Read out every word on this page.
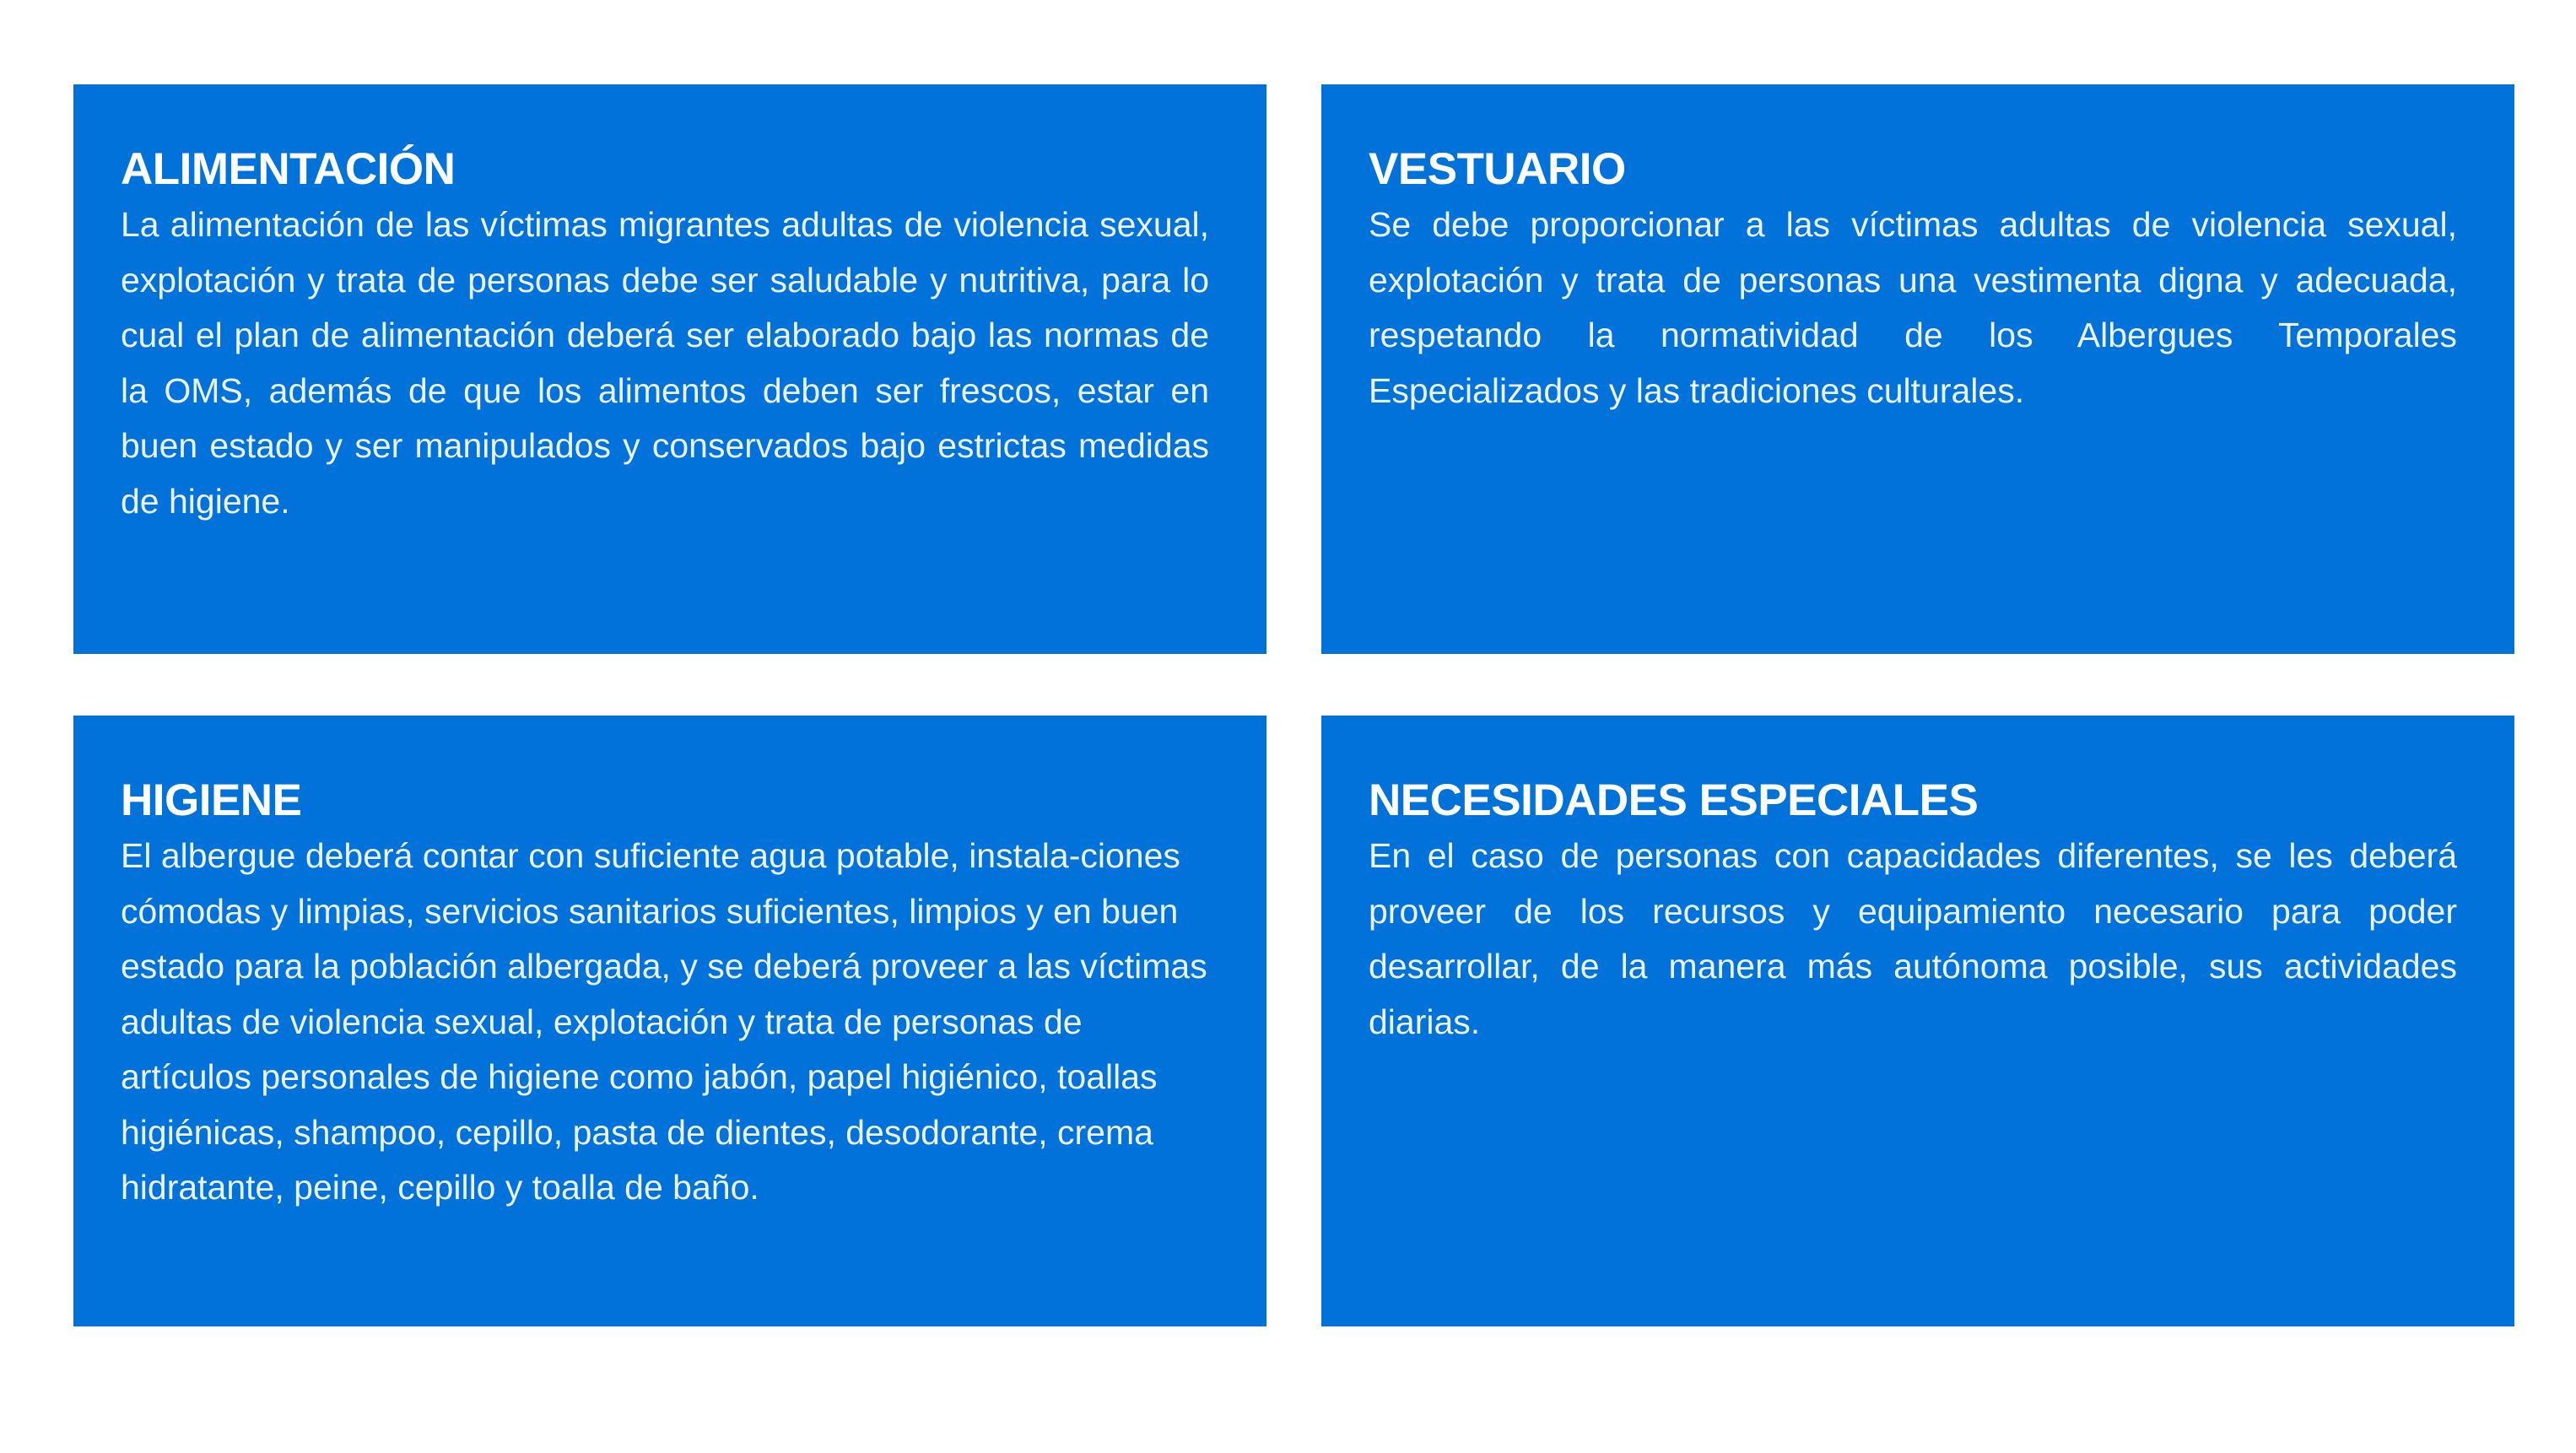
ALIMENTACIÓN

La alimentación de las víctimas migrantes adultas de violencia sexual, explotación y trata de personas debe ser saludable y nutritiva, para lo cual el plan de alimentación deberá ser elaborado bajo las normas de la OMS, además de que los alimentos deben ser frescos, estar en buen estado y ser manipulados y conservados bajo estrictas medidas de higiene.

VESTUARIO

Se debe proporcionar a las víctimas adultas de violencia sexual, explotación y trata de personas una vestimenta digna y adecuada, respetando la normatividad de los Albergues Temporales Especializados y las tradiciones culturales.

HIGIENE

El albergue deberá contar con suficiente agua potable, instala-ciones cómodas y limpias, servicios sanitarios suficientes, limpios y en buen estado para la población albergada, y se deberá proveer a las víctimas adultas de violencia sexual, explotación y trata de personas de artículos personales de higiene como jabón, papel higiénico, toallas higiénicas, shampoo, cepillo, pasta de dientes, desodorante, crema hidratante, peine, cepillo y toalla de baño.

NECESIDADES ESPECIALES

En el caso de personas con capacidades diferentes, se les deberá proveer de los recursos y equipamiento necesario para poder desarrollar, de la manera más autónoma posible, sus actividades diarias.
